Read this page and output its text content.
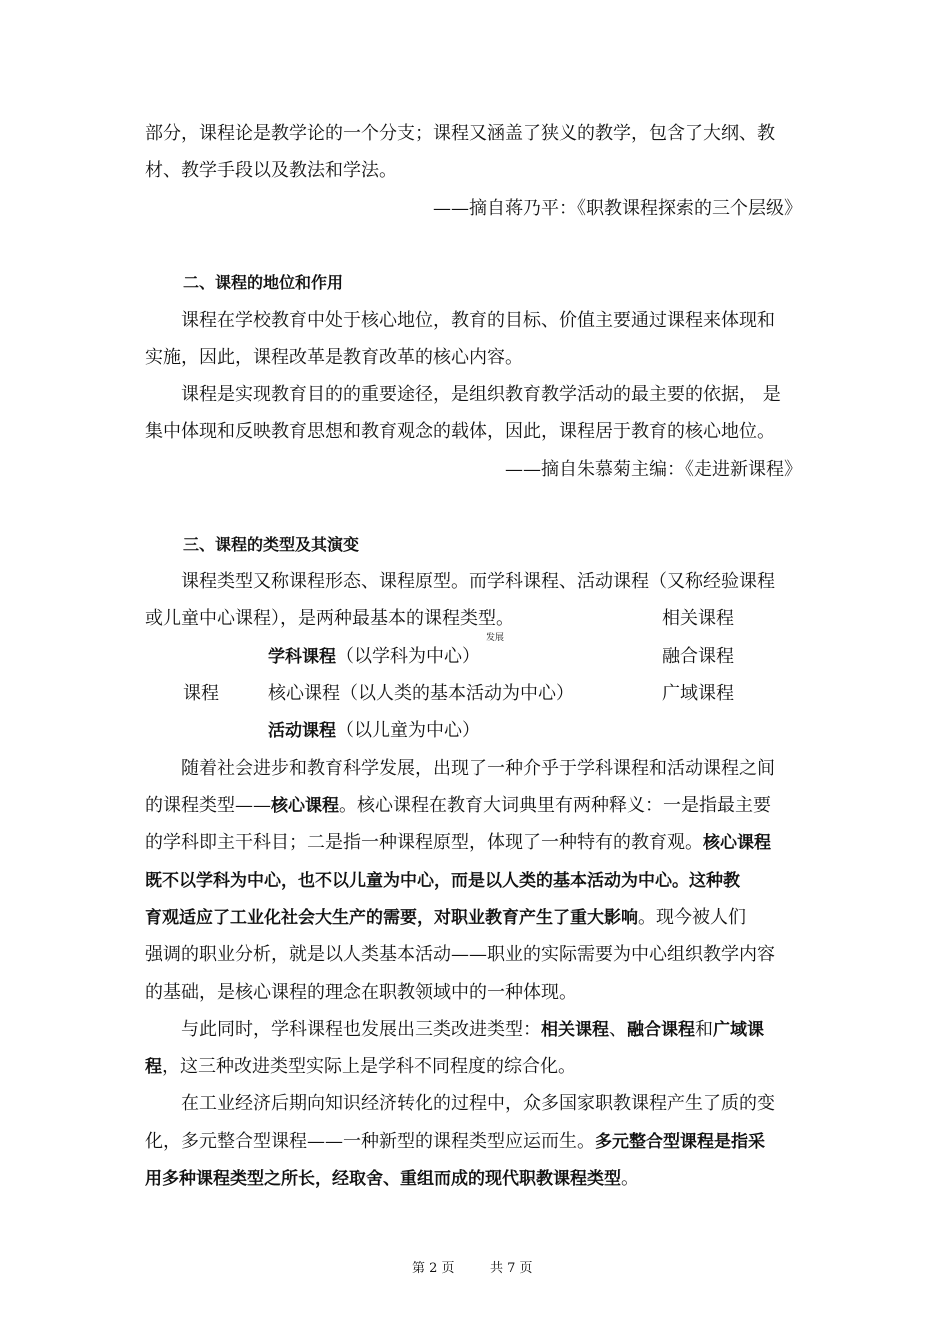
部分，课程论是教学论的一个分支；课程又涵盖了狭义的教学，包含了大纲、教
材、教学手段以及教法和学法。
——摘自蒋乃平：《职教课程探索的三个层级》
二、课程的地位和作用
课程在学校教育中处于核心地位，教育的目标、价值主要通过课程来体现和
实施，因此，课程改革是教育改革的核心内容。
课程是实现教育目的的重要途径，是组织教育教学活动的最主要的依据， 是
集中体现和反映教育思想和教育观念的载体，因此，课程居于教育的核心地位。
——摘自朱慕菊主编：《走进新课程》
三、课程的类型及其演变
课程类型又称课程形态、课程原型。而学科课程、活动课程（又称经验课程
或儿童中心课程），是两种最基本的课程类型。	相关课程
发展
学科课程（以学科为中心）	融合课程
课程	核心课程（以人类的基本活动为中心）	广域课程
活动课程（以儿童为中心）
随着社会进步和教育科学发展，出现了一种介乎于学科课程和活动课程之间
的课程类型——核心课程。核心课程在教育大词典里有两种释义：一是指最主要
的学科即主干科目；二是指一种课程原型，体现了一种特有的教育观。核心课程
既不以学科为中心，也不以儿童为中心，而是以人类的基本活动为中心。这种教
育观适应了工业化社会大生产的需要，对职业教育产生了重大影响。现今被人们
强调的职业分析，就是以人类基本活动——职业的实际需要为中心组织教学内容
的基础，是核心课程的理念在职教领域中的一种体现。
与此同时，学科课程也发展出三类改进类型：相关课程、融合课程和广域课
程，这三种改进类型实际上是学科不同程度的综合化。
在工业经济后期向知识经济转化的过程中，众多国家职教课程产生了质的变
化，多元整合型课程——一种新型的课程类型应运而生。多元整合型课程是指采
用多种课程类型之所长，经取舍、重组而成的现代职教课程类型。
第 2 页	共 7 页
